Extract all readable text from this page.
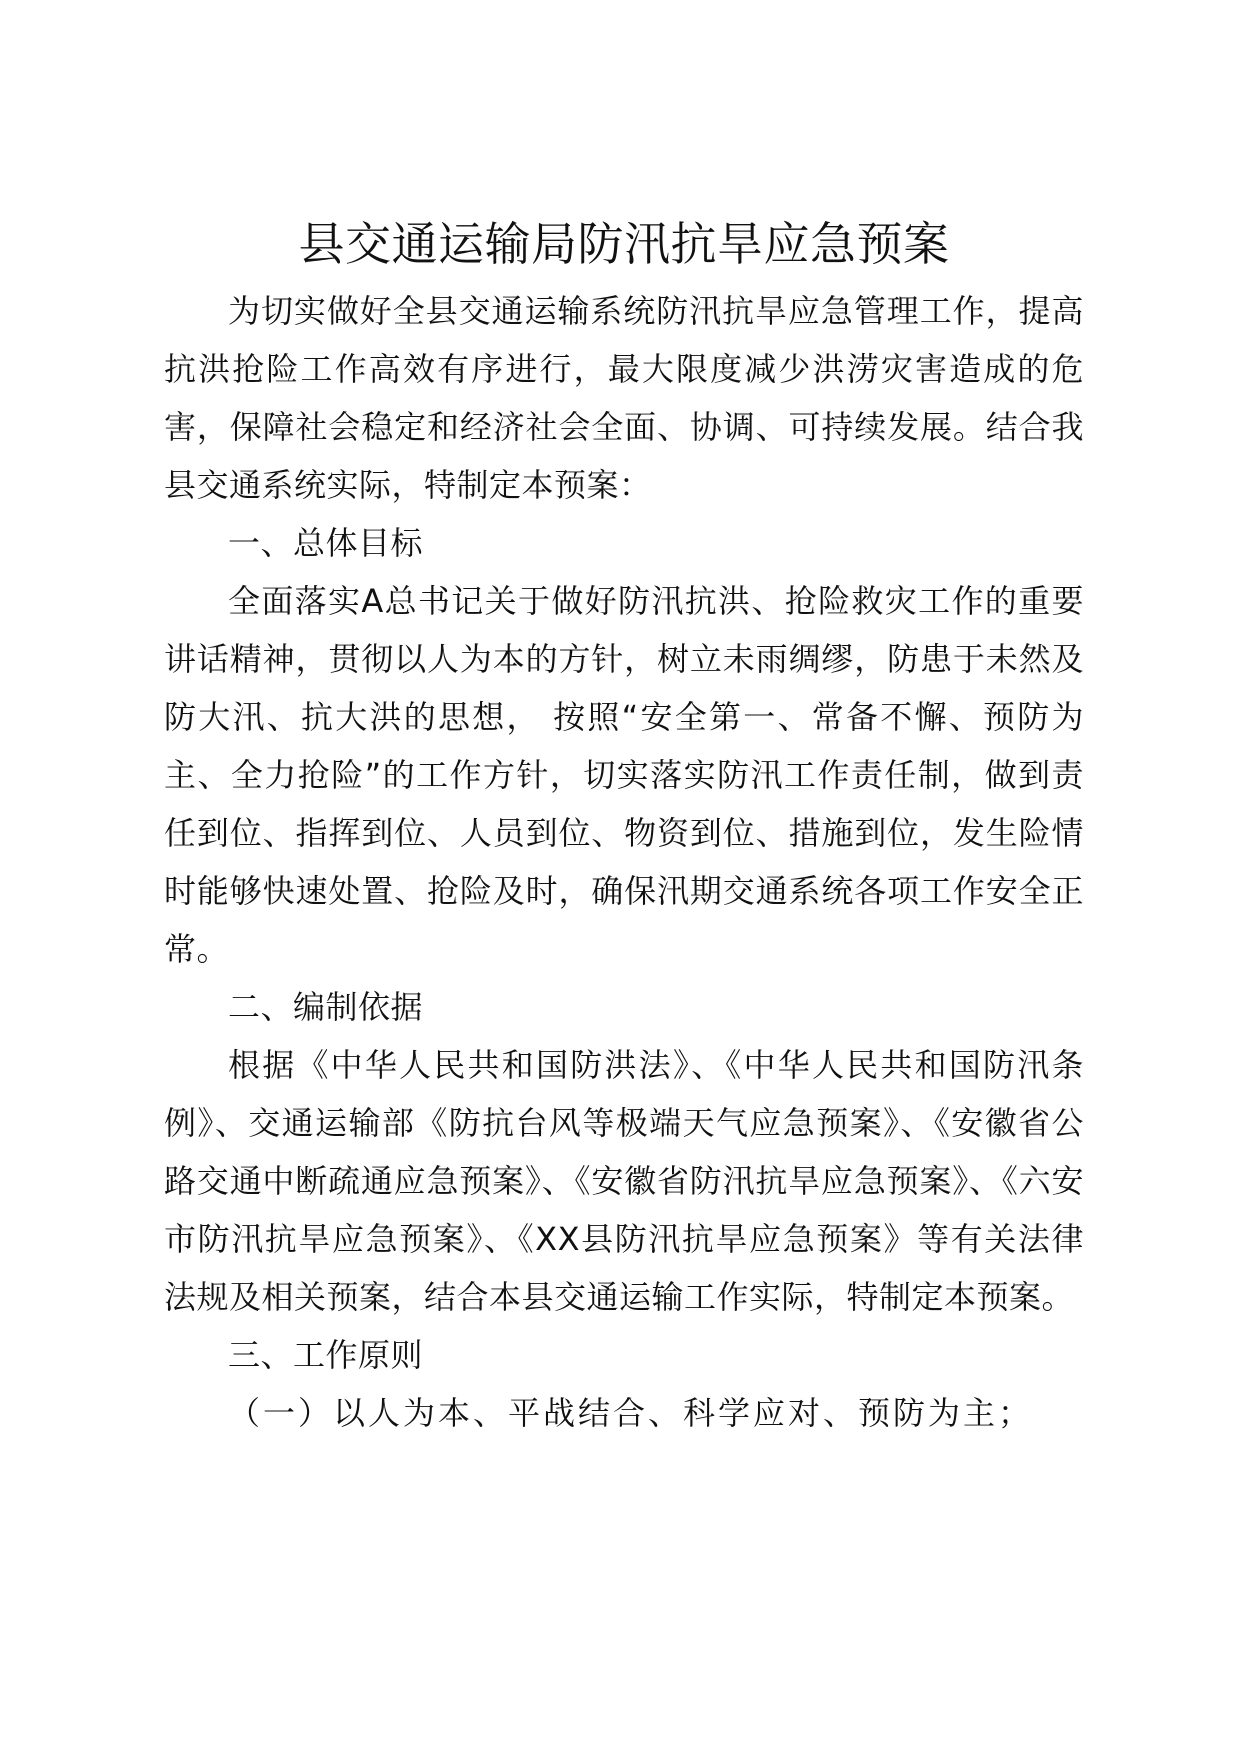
县交通运输局防汛抗旱应急预案

为切实做好全县交通运输系统防汛抗旱应急管理工作，提高抗洪抢险工作高效有序进行，最大限度减少洪涝灾害造成的危害，保障社会稳定和经济社会全面、协调、可持续发展。结合我县交通系统实际，特制定本预案：

一、总体目标

全面落实A总书记关于做好防汛抗洪、抢险救灾工作的重要讲话精神，贯彻以人为本的方针，树立未雨绸缪，防患于未然及防大汛、抗大洪的思想， 按照“安全第一、常备不懈、预防为主、全力抢险”的工作方针，切实落实防汛工作责任制，做到责任到位、指挥到位、人员到位、物资到位、措施到位，发生险情时能够快速处置、抢险及时，确保汛期交通系统各项工作安全正常。

二、编制依据

根据《中华人民共和国防洪法》、《中华人民共和国防汛条例》、交通运输部《防抗台风等极端天气应急预案》、《安徽省公路交通中断疏通应急预案》、《安徽省防汛抗旱应急预案》、《六安市防汛抗旱应急预案》、《XX县防汛抗旱应急预案》等有关法律法规及相关预案，结合本县交通运输工作实际，特制定本预案。

三、工作原则

（一）以人为本、平战结合、科学应对、预防为主；
